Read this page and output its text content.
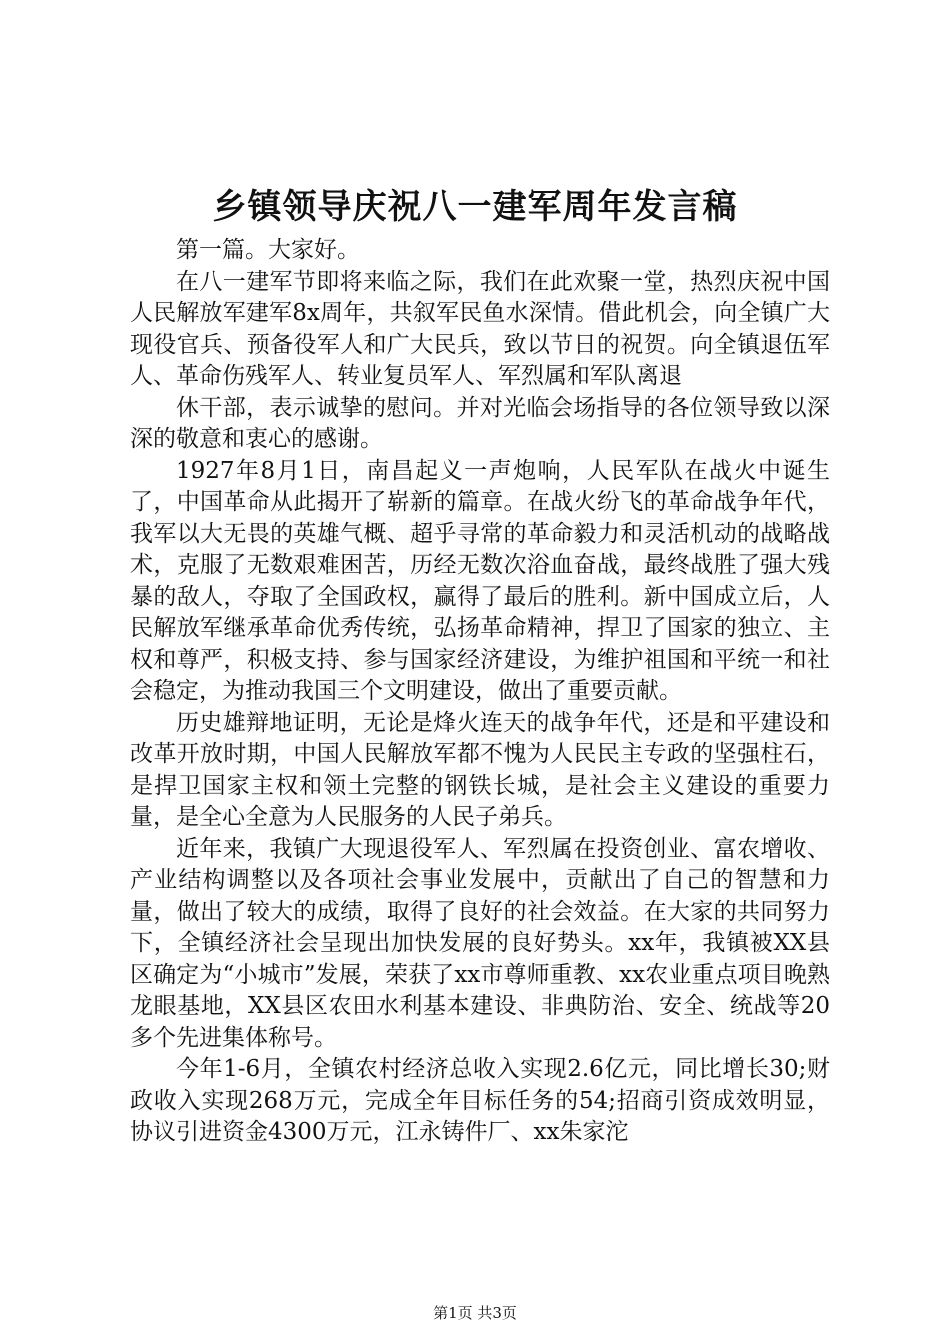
乡镇领导庆祝八一建军周年发言稿

第一篇。大家好。

在八一建军节即将来临之际，我们在此欢聚一堂，热烈庆祝中国人民解放军建军8x周年，共叙军民鱼水深情。借此机会，向全镇广大现役官兵、预备役军人和广大民兵，致以节日的祝贺。向全镇退伍军人、革命伤残军人、转业复员军人、军烈属和军队离退

休干部，表示诚挚的慰问。并对光临会场指导的各位领导致以深深的敬意和衷心的感谢。

1927年8月1日，南昌起义一声炮响，人民军队在战火中诞生了，中国革命从此揭开了崭新的篇章。在战火纷飞的革命战争年代，我军以大无畏的英雄气概、超乎寻常的革命毅力和灵活机动的战略战术，克服了无数艰难困苦，历经无数次浴血奋战，最终战胜了强大残暴的敌人，夺取了全国政权，赢得了最后的胜利。新中国成立后，人民解放军继承革命优秀传统，弘扬革命精神，捍卫了国家的独立、主权和尊严，积极支持、参与国家经济建设，为维护祖国和平统一和社会稳定，为推动我国三个文明建设，做出了重要贡献。

历史雄辩地证明，无论是烽火连天的战争年代，还是和平建设和改革开放时期，中国人民解放军都不愧为人民民主专政的坚强柱石，是捍卫国家主权和领土完整的钢铁长城，是社会主义建设的重要力量，是全心全意为人民服务的人民子弟兵。

近年来，我镇广大现退役军人、军烈属在投资创业、富农增收、产业结构调整以及各项社会事业发展中，贡献出了自己的智慧和力量，做出了较大的成绩，取得了良好的社会效益。在大家的共同努力下，全镇经济社会呈现出加快发展的良好势头。xx年，我镇被XX县区确定为“小城市”发展，荣获了xx市尊师重教、xx农业重点项目晚熟龙眼基地，XX县区农田水利基本建设、非典防治、安全、统战等20多个先进集体称号。

今年1-6月，全镇农村经济总收入实现2.6亿元，同比增长30;财政收入实现268万元，完成全年目标任务的54;招商引资成效明显，协议引进资金4300万元，江永铸件厂、xx朱家沱

第1页 共3页
